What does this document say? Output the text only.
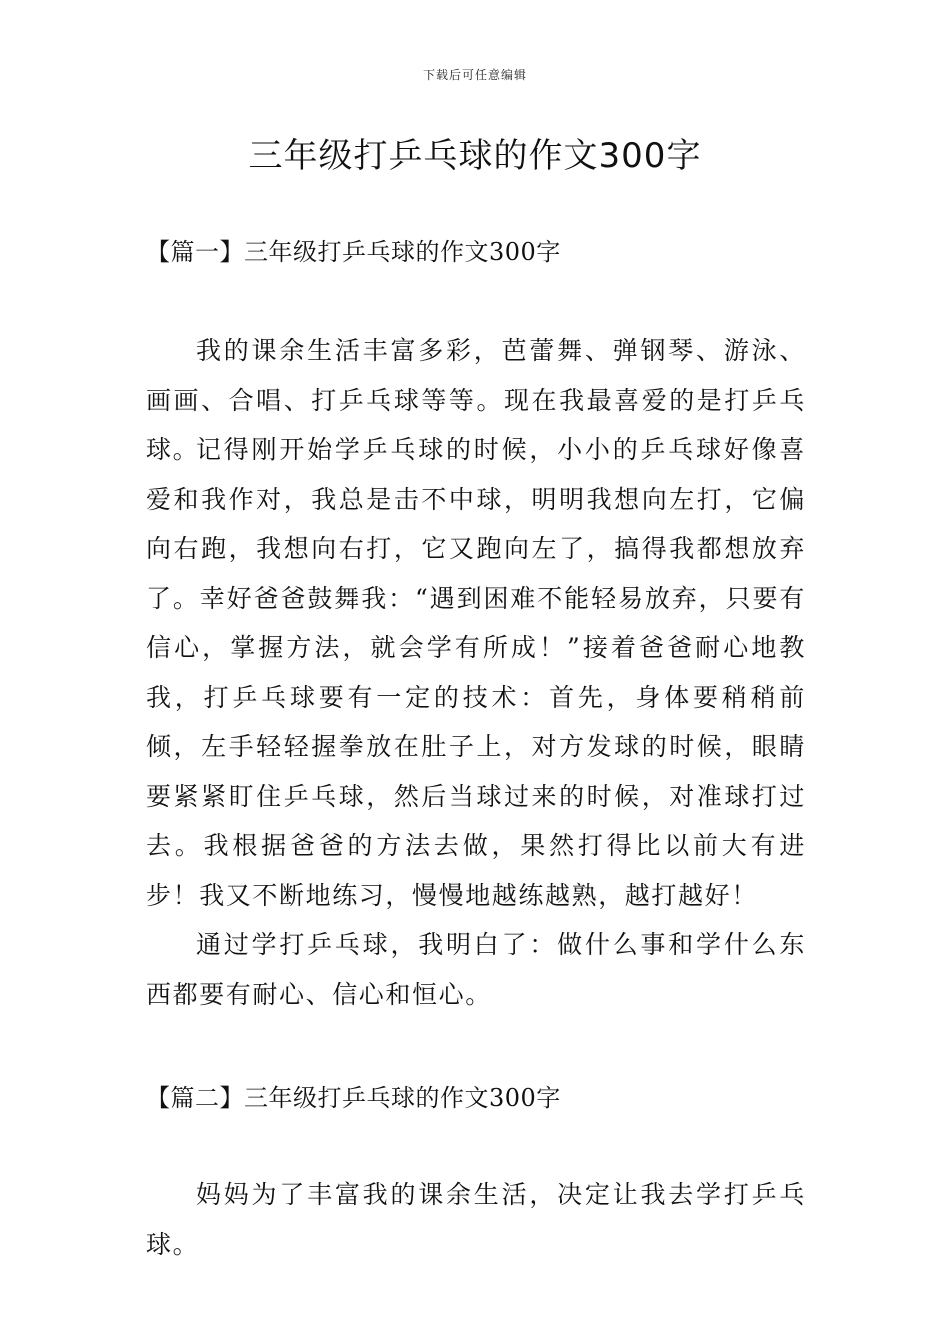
下载后可任意编辑
三年级打乒乓球的作文300字
【篇一】三年级打乒乓球的作文300字

我的课余生活丰富多彩，芭蕾舞、弹钢琴、游泳、画画、合唱、打乒乓球等等。现在我最喜爱的是打乒乓球。

记得刚开始学乒乓球的时候，小小的乒乓球好像喜爱和我作对，我总是击不中球，明明我想向左打，它偏向右跑，我想向右打，它又跑向左了，搞得我都想放弃了。幸好爸爸鼓舞我：“遇到困难不能轻易放弃，只要有信心，掌握方法，就会学有所成！”接着爸爸耐心地教我，打乒乓球要有一定的技术：首先，身体要稍稍前倾，左手轻轻握拳放在肚子上，对方发球的时候，眼睛要紧紧盯住乒乓球，然后当球过来的时候，对准球打过去。我根据爸爸的方法去做，果然打得比以前大有进步！我又不断地练习，慢慢地越练越熟，越打越好！

通过学打乒乓球，我明白了：做什么事和学什么东西都要有耐心、信心和恒心。

【篇二】三年级打乒乓球的作文300字

妈妈为了丰富我的课余生活，决定让我去学打乒乓球。
